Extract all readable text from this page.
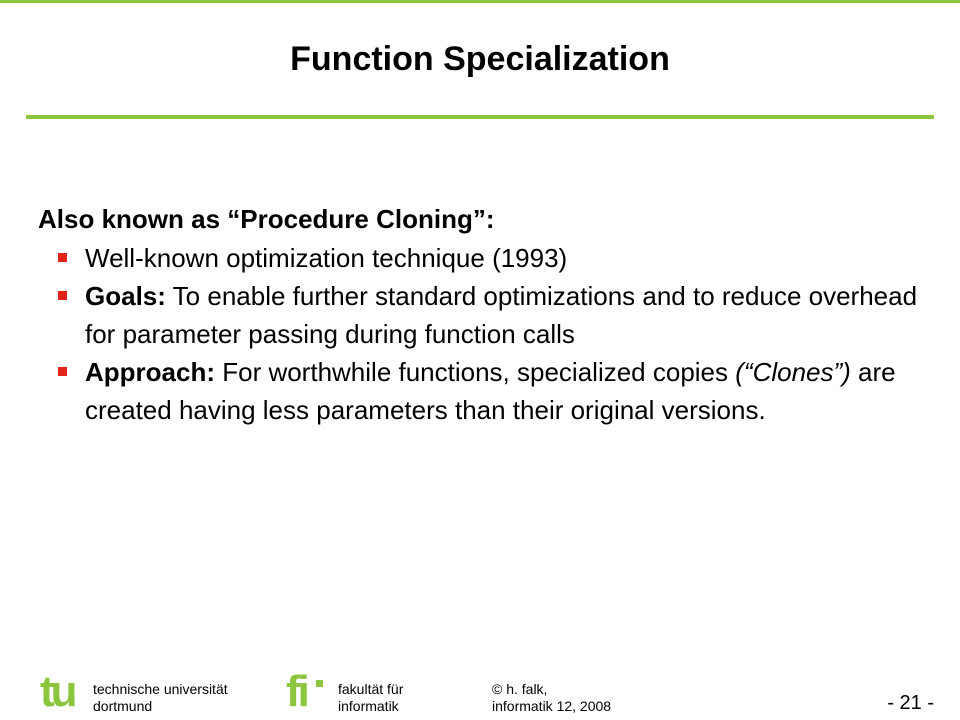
Function Specialization

Also known as “Procedure Cloning”:

Well-known optimization technique (1993)
Goals: To enable further standard optimizations and to reduce overhead for parameter passing during function calls
Approach: For worthwhile functions, specialized copies (“Clones”) are created having less parameters than their original versions.
tu technische universität
dortmund	fi fakultät für
informatik
© h. falk,
informatik 12, 2008	- 21 -
